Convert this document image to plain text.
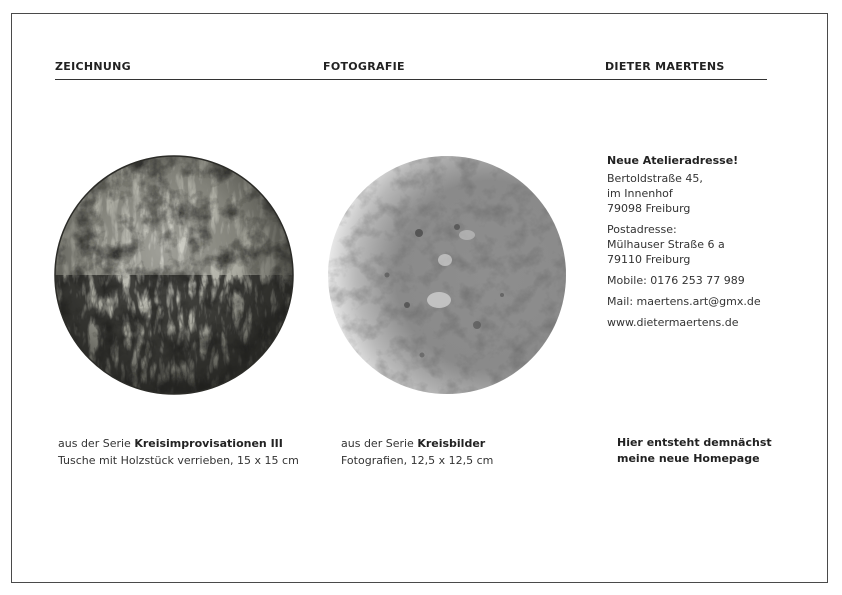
ZEICHNUNG	FOTOGRAFIE	DIETER MAERTENS

Neue Atelieradresse!

Bertoldstraße 45,

im Innenhof

79098 Freiburg

Postadresse:

Mülhauser Straße 6 a

79110 Freiburg

Mobile: 0176 253 77 989

Mail: maertens.art@gmx.de

www.dietermaertens.de

aus der Serie Kreisimprovisationen III
Tusche mit Holzstück verrieben, 15 x 15 cm
aus der Serie Kreisbilder
Fotografien, 12,5 x 12,5 cm
Hier entsteht demnächst
meine neue Homepage
